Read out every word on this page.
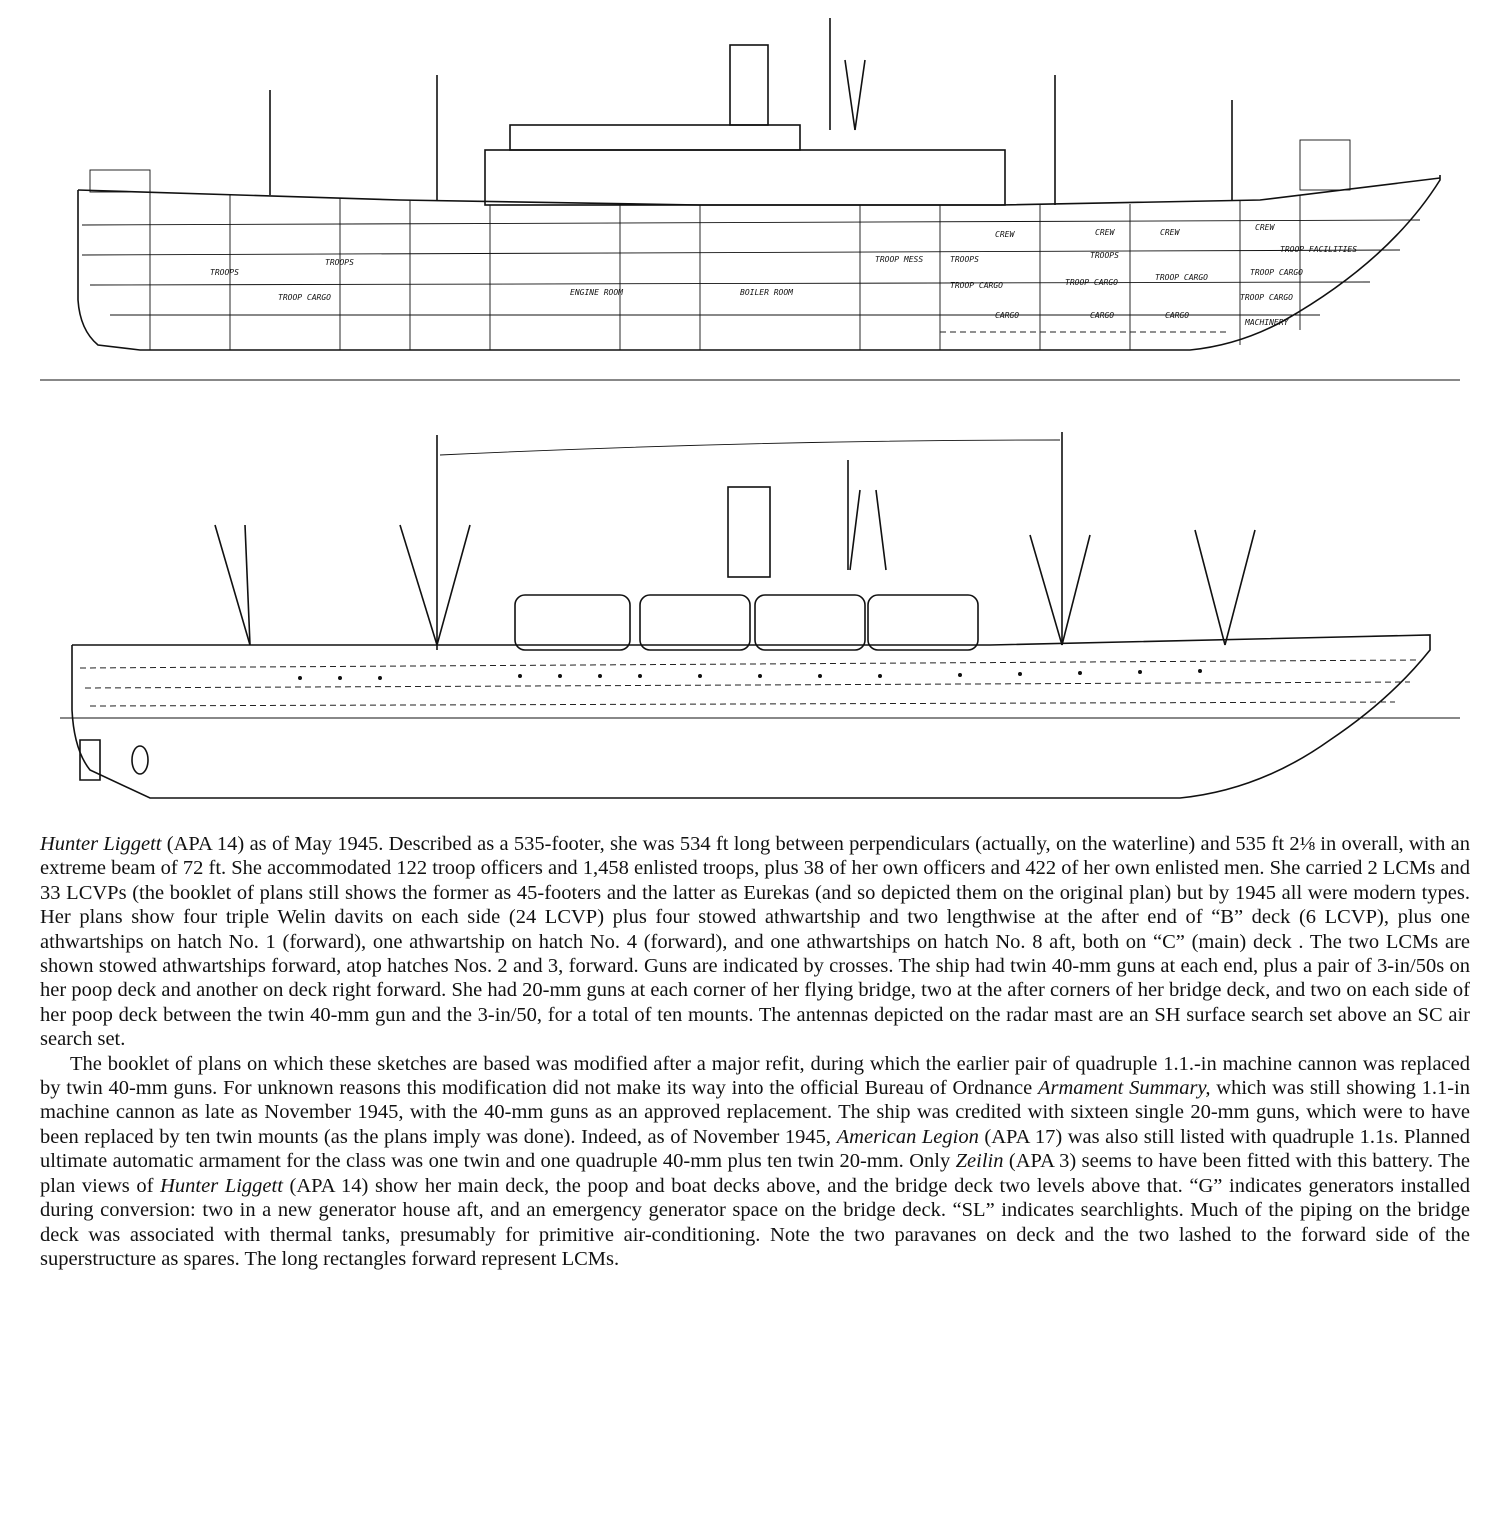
TROOPS
TROOPS
TROOP CARGO
ENGINE ROOM	BOILER ROOM
TROOP MESS
CREW
TROOPS
TROOP CARGO
CARGO
CREW
TROOPS
TROOP CARGO
CARGO
CREW
TROOP CARGO
CARGO
CREW
TROOP FACILITIES
TROOP CARGO
TROOP CARGO
MACHINERY

Hunter Liggett (APA 14) as of May 1945. Described as a 535-footer, she was 534 ft long between perpendiculars (actually, on the waterline) and 535 ft 2⅛ in overall, with an extreme beam of 72 ft. She accommodated 122 troop officers and 1,458 enlisted troops, plus 38 of her own officers and 422 of her own enlisted men. She carried 2 LCMs and 33 LCVPs (the booklet of plans still shows the former as 45-footers and the latter as Eurekas (and so depicted them on the original plan) but by 1945 all were modern types. Her plans show four triple Welin davits on each side (24 LCVP) plus four stowed athwartship and two lengthwise at the after end of “B” deck (6 LCVP), plus one athwartships on hatch No. 1 (forward), one athwartship on hatch No. 4 (forward), and one athwartships on hatch No. 8 aft, both on “C” (main) deck . The two LCMs are shown stowed athwartships forward, atop hatches Nos. 2 and 3, forward. Guns are indicated by crosses. The ship had twin 40-mm guns at each end, plus a pair of 3-in/50s on her poop deck and another on deck right forward. She had 20-mm guns at each corner of her flying bridge, two at the after corners of her bridge deck, and two on each side of her poop deck between the twin 40-mm gun and the 3-in/50, for a total of ten mounts. The antennas depicted on the radar mast are an SH surface search set above an SC air search set.

The booklet of plans on which these sketches are based was modified after a major refit, during which the earlier pair of quadruple 1.1.-in machine cannon was replaced by twin 40-mm guns. For unknown reasons this modification did not make its way into the official Bureau of Ordnance Armament Summary, which was still showing 1.1-in machine cannon as late as November 1945, with the 40-mm guns as an approved replacement. The ship was credited with sixteen single 20-mm guns, which were to have been replaced by ten twin mounts (as the plans imply was done). Indeed, as of November 1945, American Legion (APA 17) was also still listed with quadruple 1.1s. Planned ultimate automatic armament for the class was one twin and one quadruple 40-mm plus ten twin 20-mm. Only Zeilin (APA 3) seems to have been fitted with this battery. The plan views of Hunter Liggett (APA 14) show her main deck, the poop and boat decks above, and the bridge deck two levels above that. “G” indicates generators installed during conversion: two in a new generator house aft, and an emergency generator space on the bridge deck. “SL” indicates searchlights. Much of the piping on the bridge deck was associated with thermal tanks, presumably for primitive air-conditioning. Note the two paravanes on deck and the two lashed to the forward side of the superstructure as spares. The long rectangles forward represent LCMs.
